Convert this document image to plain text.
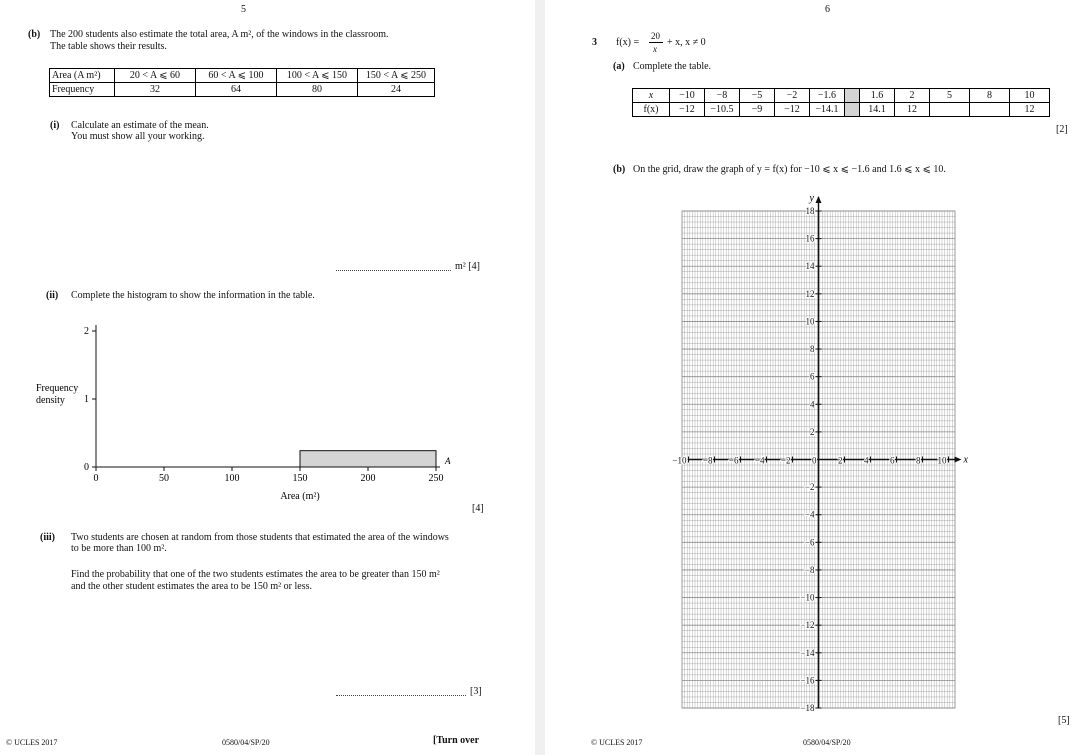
5
(b) The 200 students also estimate the total area, A m², of the windows in the classroom.
The table shows their results.
Area (A m²)	20 < A ⩽ 60	60 < A ⩽ 100	100 < A ⩽ 150	150 < A ⩽ 250
Frequency	32	64	80	24
(i) Calculate an estimate of the mean.
You must show all your working.
m² [4]
(ii) Complete the histogram to show the information in the table.
0	50	100	150	200	250
0
1
2
A
Frequency
density
Area (m²)
[4]
(iii) Two students are chosen at random from those students that estimated the area of the windows
to be more than 100 m².
Find the probability that one of the two students estimates the area to be greater than 150 m²
and the other student estimates the area to be 150 m² or less.
[3]
© UCLES 2017	0580/04/SP/20	[Turn over
6
3 f(x) =
20
x
+ x, x ≠ 0
(a) Complete the table.
x	−10	−8	−5	−2	−1.6		1.6	2	5	8	10
f(x)	−12	−10.5	−9	−12	−14.1		14.1	12			12
[2]
(b) On the grid, draw the graph of y = f(x) for −10 ⩽ x ⩽ −1.6 and 1.6 ⩽ x ⩽ 10.
y
x
−10 −8 −6 −4 −2 0 2 4 6 8 10
−18
−16
−14
−12
−10
−8
−6
−4
−2
2
4
6
8
10
12
14
16
18
[5]
© UCLES 2017	0580/04/SP/20
